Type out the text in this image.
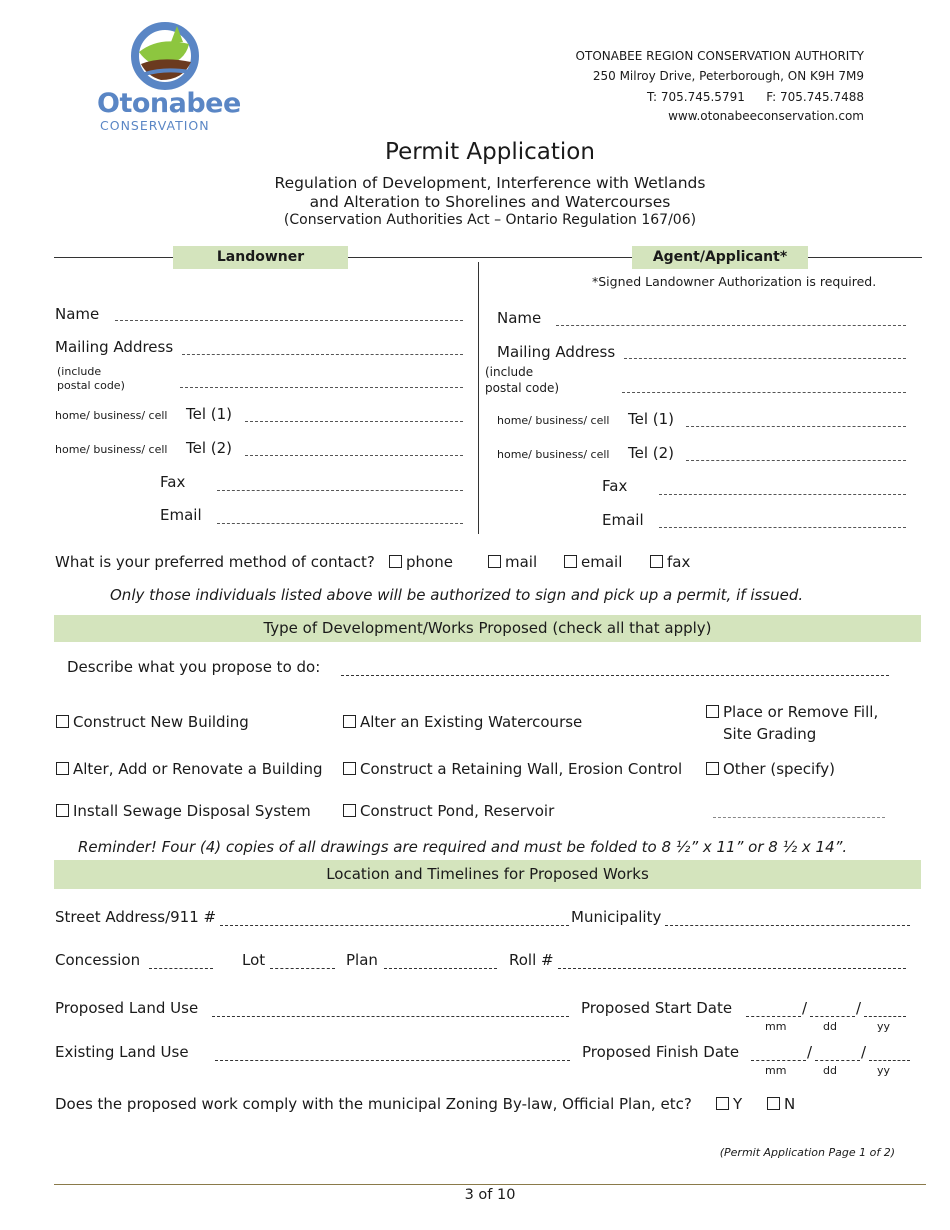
Otonabee
CONSERVATION
OTONABEE REGION CONSERVATION AUTHORITY
250 Milroy Drive, Peterborough, ON K9H 7M9
T: 705.745.5791 F: 705.745.7488
www.otonabeeconservation.com
Permit Application
Regulation of Development, Interference with Wetlands
and Alteration to Shorelines and Watercourses
(Conservation Authorities Act – Ontario Regulation 167/06)
Landowner	Agent/Applicant*
Name
Mailing Address
(include
postal code)
home/ business/ cell Tel (1)
home/ business/ cell Tel (2)
Fax
Email
*Signed Landowner Authorization is required.
Name
Mailing Address
(include
postal code)
home/ business/ cell Tel (1)
home/ business/ cell Tel (2)
Fax
Email
What is your preferred method of contact?	phone	mail	email	fax
Only those individuals listed above will be authorized to sign and pick up a permit, if issued.
Type of Development/Works Proposed (check all that apply)
Describe what you propose to do:
Construct New Building
Alter, Add or Renovate a Building
Install Sewage Disposal System
Alter an Existing Watercourse
Construct a Retaining Wall, Erosion Control
Construct Pond, Reservoir
Place or Remove Fill,
Site Grading
Other (specify)
Reminder! Four (4) copies of all drawings are required and must be folded to 8 ½” x 11” or 8 ½ x 14”.
Location and Timelines for Proposed Works
Street Address/911 #	Municipality
Concession	Lot	Plan	Roll #
Proposed Land Use	Proposed Start Date	/	/
mm	dd	yy
Existing Land Use	Proposed Finish Date	/	/
mm	dd	yy
Does the proposed work comply with the municipal Zoning By-law, Official Plan, etc?	Y	N
(Permit Application Page 1 of 2)
3 of 10
